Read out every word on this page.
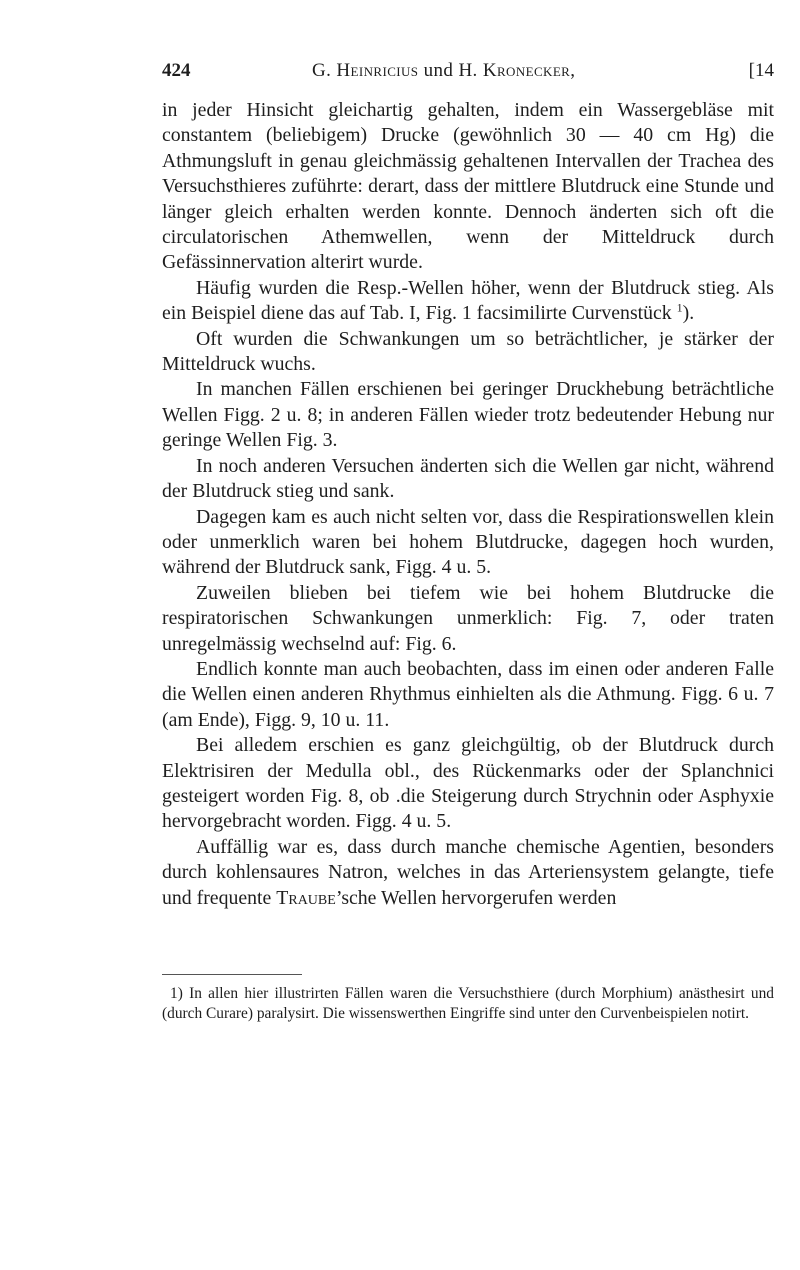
424	G. Heinricius und H. Kronecker,	[14

in jeder Hinsicht gleichartig gehalten, indem ein Wassergebläse mit constantem (beliebigem) Drucke (gewöhnlich 30 — 40 cm Hg) die Athmungsluft in genau gleichmässig gehaltenen Intervallen der Trachea des Versuchsthieres zuführte: derart, dass der mittlere Blutdruck eine Stunde und länger gleich erhalten werden konnte. Dennoch änderten sich oft die circulatorischen Athemwellen, wenn der Mitteldruck durch Gefässinnervation alterirt wurde.

Häufig wurden die Resp.-Wellen höher, wenn der Blutdruck stieg. Als ein Beispiel diene das auf Tab. I, Fig. 1 facsimilirte Curvenstück $^1$).

Oft wurden die Schwankungen um so beträchtlicher, je stärker der Mitteldruck wuchs.

In manchen Fällen erschienen bei geringer Druckhebung beträchtliche Wellen Figg. 2 u. 8; in anderen Fällen wieder trotz bedeutender Hebung nur geringe Wellen Fig. 3.

In noch anderen Versuchen änderten sich die Wellen gar nicht, während der Blutdruck stieg und sank.

Dagegen kam es auch nicht selten vor, dass die Respirationswellen klein oder unmerklich waren bei hohem Blutdrucke, dagegen hoch wurden, während der Blutdruck sank, Figg. 4 u. 5.

Zuweilen blieben bei tiefem wie bei hohem Blutdrucke die respiratorischen Schwankungen unmerklich: Fig. 7, oder traten unregelmässig wechselnd auf: Fig. 6.

Endlich konnte man auch beobachten, dass im einen oder anderen Falle die Wellen einen anderen Rhythmus einhielten als die Athmung. Figg. 6 u. 7 (am Ende), Figg. 9, 10 u. 11.

Bei alledem erschien es ganz gleichgültig, ob der Blutdruck durch Elektrisiren der Medulla obl., des Rückenmarks oder der Splanchnici gesteigert worden Fig. 8, ob .die Steigerung durch Strychnin oder Asphyxie hervorgebracht worden. Figg. 4 u. 5.

Auffällig war es, dass durch manche chemische Agentien, besonders durch kohlensaures Natron, welches in das Arteriensystem gelangte, tiefe und frequente Traube’sche Wellen hervorgerufen werden

1) In allen hier illustrirten Fällen waren die Versuchsthiere (durch Morphium) anästhesirt und (durch Curare) paralysirt. Die wissenswerthen Eingriffe sind unter den Curvenbeispielen notirt.
